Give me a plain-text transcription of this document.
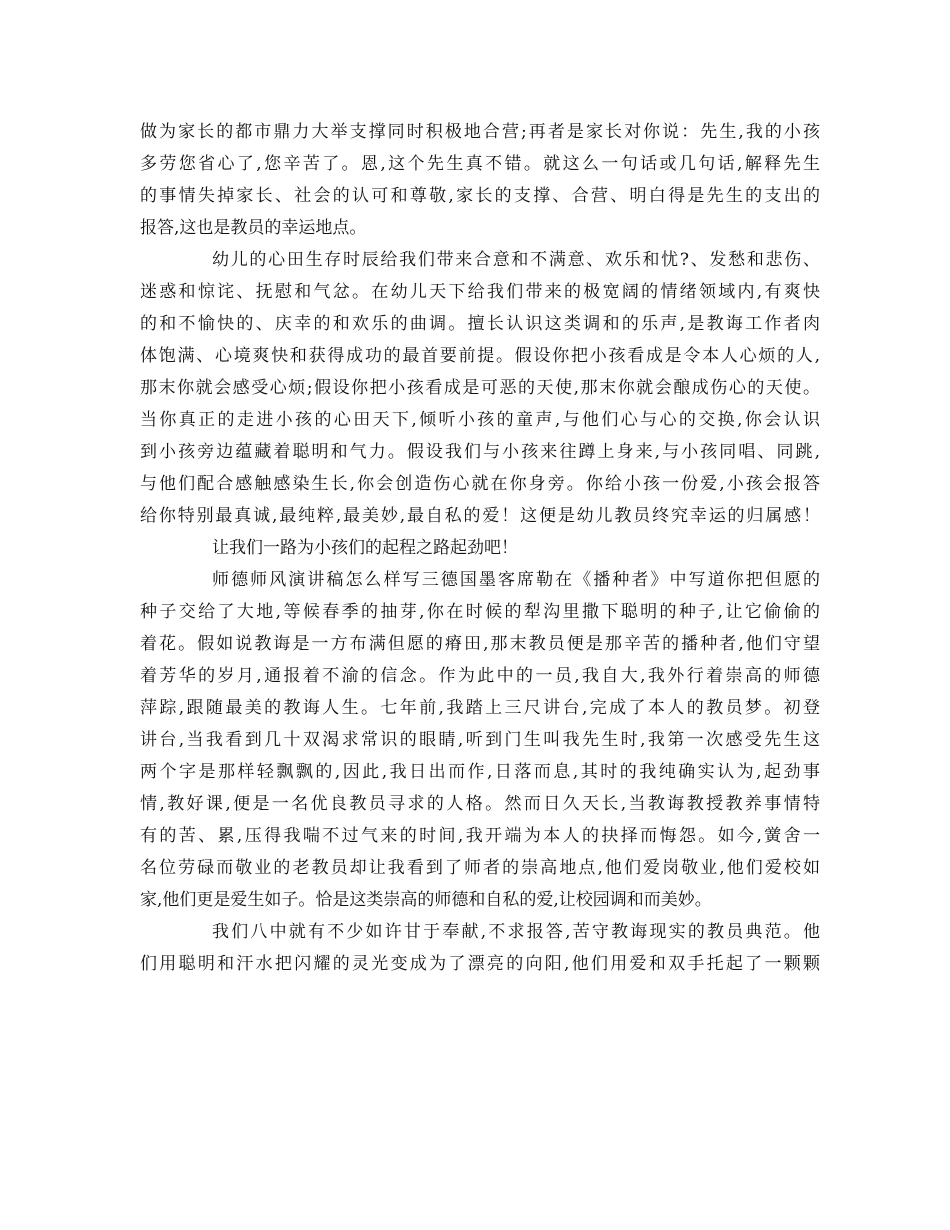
做为家长的都市鼎力大举支撑同时积极地合营;再者是家长对你说：先生,我的小孩
多劳您省心了,您辛苦了。恩,这个先生真不错。就这么一句话或几句话,解释先生
的事情失掉家长、社会的认可和尊敬,家长的支撑、合营、明白得是先生的支出的
报答,这也是教员的幸运地点。
幼儿的心田生存时辰给我们带来合意和不满意、欢乐和忧?、发愁和悲伤、
迷惑和惊诧、抚慰和气忿。在幼儿天下给我们带来的极宽阔的情绪领域内,有爽快
的和不愉快的、庆幸的和欢乐的曲调。擅长认识这类调和的乐声,是教诲工作者肉
体饱满、心境爽快和获得成功的最首要前提。假设你把小孩看成是令本人心烦的人,
那末你就会感受心烦;假设你把小孩看成是可恶的天使,那末你就会酿成伤心的天使。
当你真正的走进小孩的心田天下,倾听小孩的童声,与他们心与心的交换,你会认识
到小孩旁边蕴藏着聪明和气力。假设我们与小孩来往蹲上身来,与小孩同唱、同跳,
与他们配合感触感染生长,你会创造伤心就在你身旁。你给小孩一份爱,小孩会报答
给你特别最真诚,最纯粹,最美妙,最自私的爱！这便是幼儿教员终究幸运的归属感！
让我们一路为小孩们的起程之路起劲吧！
师德师风演讲稿怎么样写三德国墨客席勒在《播种者》中写道你把但愿的
种子交给了大地,等候春季的抽芽,你在时候的犁沟里撒下聪明的种子,让它偷偷的
着花。假如说教诲是一方布满但愿的瘠田,那末教员便是那辛苦的播种者,他们守望
着芳华的岁月,通报着不渝的信念。作为此中的一员,我自大,我外行着崇高的师德
萍踪,跟随最美的教诲人生。七年前,我踏上三尺讲台,完成了本人的教员梦。初登
讲台,当我看到几十双渴求常识的眼睛,听到门生叫我先生时,我第一次感受先生这
两个字是那样轻飘飘的,因此,我日出而作,日落而息,其时的我纯确实认为,起劲事
情,教好课,便是一名优良教员寻求的人格。然而日久天长,当教诲教授教养事情特
有的苦、累,压得我喘不过气来的时间,我开端为本人的抉择而悔怨。如今,黉舍一
名位劳碌而敬业的老教员却让我看到了师者的崇高地点,他们爱岗敬业,他们爱校如
家,他们更是爱生如子。恰是这类崇高的师德和自私的爱,让校园调和而美妙。
我们八中就有不少如许甘于奉献,不求报答,苦守教诲现实的教员典范。他
们用聪明和汗水把闪耀的灵光变成为了漂亮的向阳,他们用爱和双手托起了一颗颗
